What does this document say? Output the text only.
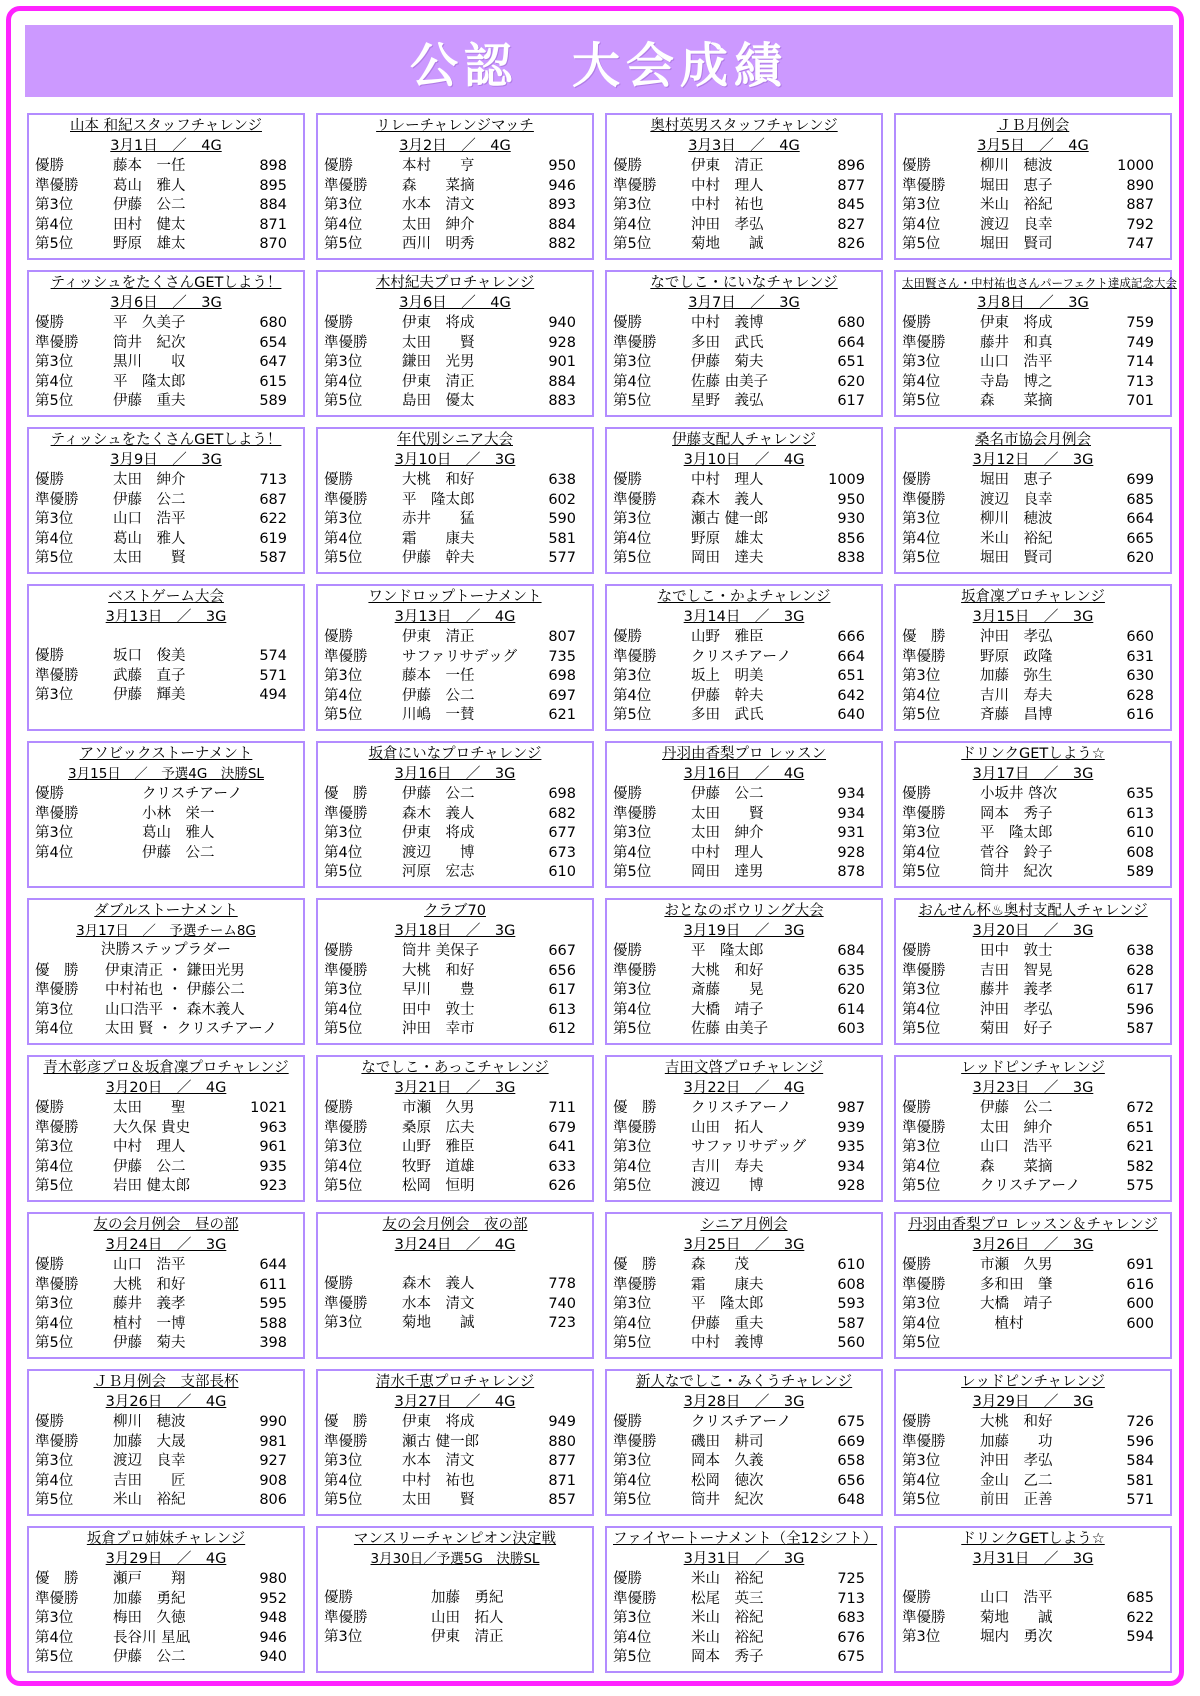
公認　大会成績
山本 和紀スタッフチャレンジ
3月1日　／　4G
優勝	藤本　一任	898
準優勝	葛山　雅人	895
第3位	伊藤　公二	884
第4位	田村　健太	871
第5位	野原　雄太	870
リレーチャレンジマッチ
3月2日　／　4G
優勝	本村　　亨	950
準優勝	森　　菜摘	946
第3位	水本　清文	893
第4位	太田　紳介	884
第5位	西川　明秀	882
奥村英男スタッフチャレンジ
3月3日　／　4G
優勝	伊東　清正	896
準優勝	中村　理人	877
第3位	中村　祐也	845
第4位	沖田　孝弘	827
第5位	菊地　　誠	826
ＪＢ月例会
3月5日　／　4G
優勝	柳川　穂波	1000
準優勝	堀田　恵子	890
第3位	米山　裕紀	887
第4位	渡辺　良幸	792
第5位	堀田　賢司	747
ティッシュをたくさんGETしよう！
3月6日　／　3G
優勝	平　久美子	680
準優勝	筒井　紀次	654
第3位	黒川　　収	647
第4位	平　隆太郎	615
第5位	伊藤　重夫	589
木村紀夫プロチャレンジ
3月6日　／　4G
優勝	伊東　将成	940
準優勝	太田　　賢	928
第3位	鎌田　光男	901
第4位	伊東　清正	884
第5位	島田　優太	883
なでしこ・にいなチャレンジ
3月7日　／　3G
優勝	中村　義博	680
準優勝	多田　武氏	664
第3位	伊藤　菊夫	651
第4位	佐藤 由美子	620
第5位	星野　義弘	617
太田賢さん・中村祐也さんパーフェクト達成記念大会
3月8日　／　3G
優勝	伊東　将成	759
準優勝	藤井　和真	749
第3位	山口　浩平	714
第4位	寺島　博之	713
第5位	森　　菜摘	701
ティッシュをたくさんGETしよう！
3月9日　／　3G
優勝	太田　紳介	713
準優勝	伊藤　公二	687
第3位	山口　浩平	622
第4位	葛山　雅人	619
第5位	太田　　賢	587
年代別シニア大会
3月10日　／　3G
優勝	大桃　和好	638
準優勝	平　隆太郎	602
第3位	赤井　　猛	590
第4位	霜　　康夫	581
第5位	伊藤　幹夫	577
伊藤支配人チャレンジ
3月10日　／　4G
優勝	中村　理人	1009
準優勝	森木　義人	950
第3位	瀬古 健一郎	930
第4位	野原　雄太	856
第5位	岡田　達夫	838
桑名市協会月例会
3月12日　／　3G
優勝	堀田　恵子	699
準優勝	渡辺　良幸	685
第3位	柳川　穂波	664
第4位	米山　裕紀	665
第5位	堀田　賢司	620
ベストゲーム大会
3月13日　／　3G
優勝	坂口　俊美	574
準優勝	武藤　直子	571
第3位	伊藤　輝美	494
ワンドロップトーナメント
3月13日　／　4G
優勝	伊東　清正	807
準優勝	サファリサデッグ	735
第3位	藤本　一任	698
第4位	伊藤　公二	697
第5位	川嶋　一賛	621
なでしこ・かよチャレンジ
3月14日　／　3G
優勝	山野　雅臣	666
準優勝	クリスチアーノ	664
第3位	坂上　明美	651
第4位	伊藤　幹夫	642
第5位	多田　武氏	640
坂倉凜プロチャレンジ
3月15日　／　3G
優　勝	沖田　孝弘	660
準優勝	野原　政隆	631
第3位	加藤　弥生	630
第4位	吉川　寿夫	628
第5位	斉藤　昌博	616
アソビックストーナメント
3月15日　／　予選4G　決勝SL
優勝	　　クリスチアーノ
準優勝	　　小林　栄一
第3位	　　葛山　雅人
第4位	　　伊藤　公二
坂倉にいなプロチャレンジ
3月16日　／　3G
優　勝	伊藤　公二	698
準優勝	森木　義人	682
第3位	伊東　将成	677
第4位	渡辺　　博	673
第5位	河原　宏志	610
丹羽由香梨プロ レッスン
3月16日　／　4G
優勝	伊藤　公二	934
準優勝	太田　　賢	934
第3位	太田　紳介	931
第4位	中村　理人	928
第5位	岡田　達男	878
ドリンクGETしよう☆
3月17日　／　3G
優勝	小坂井 啓次	635
準優勝	岡本　秀子	613
第3位	平　隆太郎	610
第4位	菅谷　鈴子	608
第5位	筒井　紀次	589
ダブルストーナメント
3月17日　／　予選チーム8G
決勝ステップラダー
優　勝	伊東清正 ・ 鎌田光男
準優勝	中村祐也 ・ 伊藤公二
第3位	山口浩平 ・ 森木義人
第4位	太田 賢 ・ クリスチアーノ
クラブ70
3月18日　／　3G
優勝	筒井 美保子	667
準優勝	大桃　和好	656
第3位	早川　　豊	617
第4位	田中　敦士	613
第5位	沖田　幸市	612
おとなのボウリング大会
3月19日　／　3G
優勝	平　隆太郎	684
準優勝	大桃　和好	635
第3位	斎藤　　晃	620
第4位	大橋　靖子	614
第5位	佐藤 由美子	603
おんせん杯♨奥村支配人チャレンジ
3月20日　／　3G
優勝	田中　敦士	638
準優勝	吉田　智晃	628
第3位	藤井　義孝	617
第4位	沖田　孝弘	596
第5位	菊田　好子	587
青木彰彦プロ＆坂倉凜プロチャレンジ
3月20日　／　4G
優勝	太田　　聖	1021
準優勝	大久保 貴史	963
第3位	中村　理人	961
第4位	伊藤　公二	935
第5位	岩田 健太郎	923
なでしこ・あっこチャレンジ
3月21日　／　3G
優勝	市瀬　久男	711
準優勝	桑原　広夫	679
第3位	山野　雅臣	641
第4位	牧野　道雄	633
第5位	松岡　恒明	626
吉田文啓プロチャレンジ
3月22日　／　4G
優　勝	クリスチアーノ	987
準優勝	山田　拓人	939
第3位	サファリサデッグ	935
第4位	吉川　寿夫	934
第5位	渡辺　　博	928
レッドピンチャレンジ
3月23日　／　3G
優勝	伊藤　公二	672
準優勝	太田　紳介	651
第3位	山口　浩平	621
第4位	森　　菜摘	582
第5位	クリスチアーノ	575
友の会月例会　昼の部
3月24日　／　3G
優勝	山口　浩平	644
準優勝	大桃　和好	611
第3位	藤井　義孝	595
第4位	植村　一博	588
第5位	伊藤　菊夫	398
友の会月例会　夜の部
3月24日　／　4G
優勝	森木　義人	778
準優勝	水本　清文	740
第3位	菊地　　誠	723
シニア月例会
3月25日　／　3G
優　勝	森　　茂	610
準優勝	霜　　康夫	608
第3位	平　隆太郎	593
第4位	伊藤　重夫	587
第5位	中村　義博	560
丹羽由香梨プロ レッスン＆チャレンジ
3月26日　／　3G
優勝	市瀬　久男	691
準優勝	多和田　肇	616
第3位	大橋　靖子	600
第4位	　植村	600
第5位
ＪＢ月例会　支部長杯
3月26日　／　4G
優勝	柳川　穂波	990
準優勝	加藤　大晟	981
第3位	渡辺　良幸	927
第4位	吉田　　匠	908
第5位	米山　裕紀	806
清水千恵プロチャレンジ
3月27日　／　4G
優　勝	伊東　将成	949
準優勝	瀬古 健一郎	880
第3位	水本　清文	877
第4位	中村　祐也	871
第5位	太田　　賢	857
新人なでしこ・みくうチャレンジ
3月28日　／　3G
優勝	クリスチアーノ	675
準優勝	磯田　耕司	669
第3位	岡本　久義	658
第4位	松岡　徳次	656
第5位	筒井　紀次	648
レッドピンチャレンジ
3月29日　／　3G
優勝	大桃　和好	726
準優勝	加藤　　功	596
第3位	沖田　孝弘	584
第4位	金山　乙二	581
第5位	前田　正善	571
坂倉プロ姉妹チャレンジ
3月29日　／　4G
優　勝	瀬戸　　翔	980
準優勝	加藤　勇紀	952
第3位	梅田　久徳	948
第4位	長谷川 星凪	946
第5位	伊藤　公二	940
マンスリーチャンピオン決定戦
3月30日／予選5G　決勝SL
優勝	　　加藤　勇紀
準優勝	　　山田　拓人
第3位	　　伊東　清正
ファイヤートーナメント（全12シフト）
3月31日　／　3G
優勝	米山　裕紀	725
準優勝	松尾　英三	713
第3位	米山　裕紀	683
第4位	米山　裕紀	676
第5位	岡本　秀子	675
ドリンクGETしよう☆
3月31日　／　3G
優勝	山口　浩平	685
準優勝	菊地　　誠	622
第3位	堀内　勇次	594
